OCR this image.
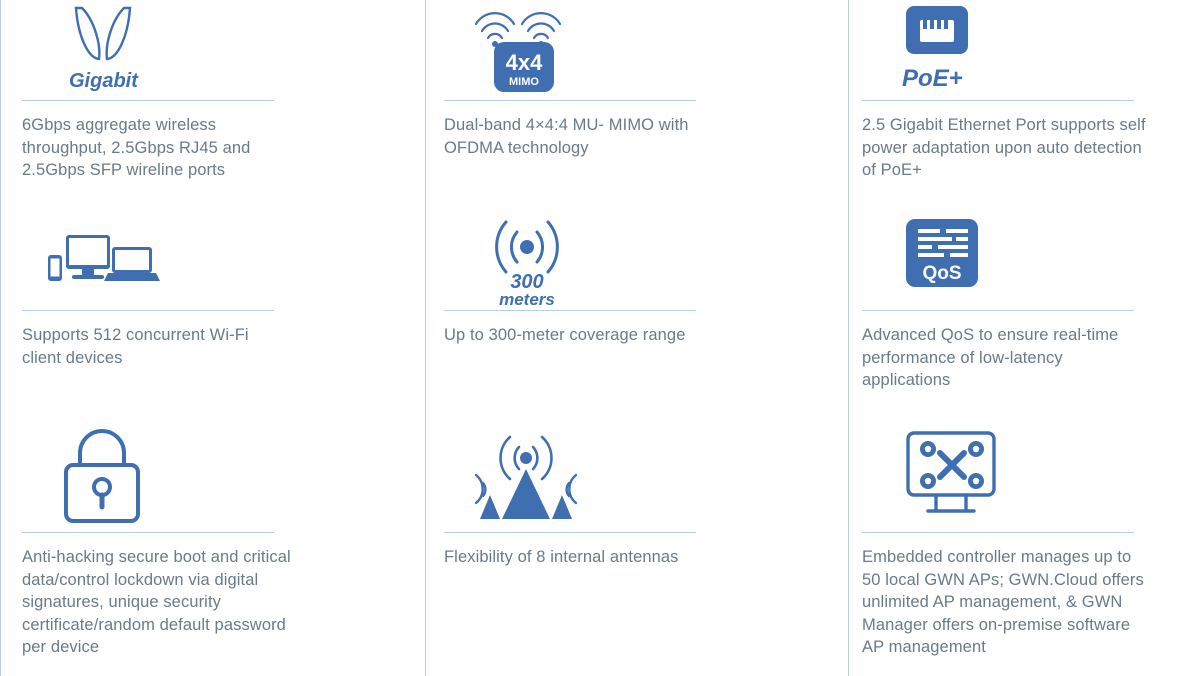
Gigabit
6Gbps aggregate wireless throughput, 2.5Gbps RJ45 and 2.5Gbps SFP wireline ports
4x4
MIMO
Dual-band 4×4:4 MU- MIMO with OFDMA technology
PoE+
2.5 Gigabit Ethernet Port supports self power adaptation upon auto detection of PoE+
Supports 512 concurrent Wi-Fi client devices
300
meters
Up to 300-meter coverage range
QoS
Advanced QoS to ensure real-time performance of low-latency applications
Anti-hacking secure boot and critical data/control lockdown via digital signatures, unique security certificate/random default password per device
Flexibility of 8 internal antennas	Embedded controller manages up to 50 local GWN APs; GWN.Cloud offers unlimited AP management, & GWN Manager offers on-premise software AP management
